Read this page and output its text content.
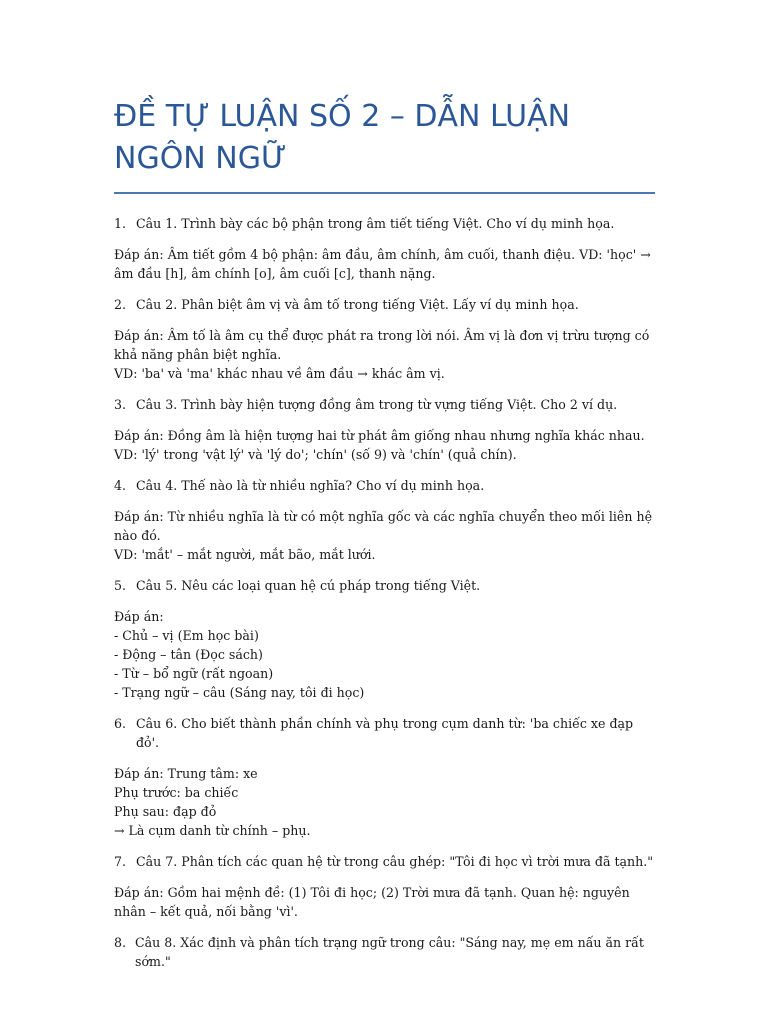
ĐỀ TỰ LUẬN SỐ 2 – DẪN LUẬN NGÔN NGỮ
1. Câu 1. Trình bày các bộ phận trong âm tiết tiếng Việt. Cho ví dụ minh họa.
Đáp án: Âm tiết gồm 4 bộ phận: âm đầu, âm chính, âm cuối, thanh điệu. VD: 'học' → âm đầu [h], âm chính [o], âm cuối [c], thanh nặng.
2. Câu 2. Phân biệt âm vị và âm tố trong tiếng Việt. Lấy ví dụ minh họa.
Đáp án: Âm tố là âm cụ thể được phát ra trong lời nói. Âm vị là đơn vị trừu tượng có khả năng phân biệt nghĩa.
VD: 'ba' và 'ma' khác nhau về âm đầu → khác âm vị.
3. Câu 3. Trình bày hiện tượng đồng âm trong từ vựng tiếng Việt. Cho 2 ví dụ.
Đáp án: Đồng âm là hiện tượng hai từ phát âm giống nhau nhưng nghĩa khác nhau.
VD: 'lý' trong 'vật lý' và 'lý do'; 'chín' (số 9) và 'chín' (quả chín).
4. Câu 4. Thế nào là từ nhiều nghĩa? Cho ví dụ minh họa.
Đáp án: Từ nhiều nghĩa là từ có một nghĩa gốc và các nghĩa chuyển theo mối liên hệ nào đó.
VD: 'mắt' – mắt người, mắt bão, mắt lưới.
5. Câu 5. Nêu các loại quan hệ cú pháp trong tiếng Việt.
Đáp án:
- Chủ – vị (Em học bài)
- Động – tân (Đọc sách)
- Từ – bổ ngữ (rất ngoan)
- Trạng ngữ – câu (Sáng nay, tôi đi học)
6. Câu 6. Cho biết thành phần chính và phụ trong cụm danh từ: 'ba chiếc xe đạp đỏ'.
Đáp án: Trung tâm: xe
Phụ trước: ba chiếc
Phụ sau: đạp đỏ
→ Là cụm danh từ chính – phụ.
7. Câu 7. Phân tích các quan hệ từ trong câu ghép: "Tôi đi học vì trời mưa đã tạnh."
Đáp án: Gồm hai mệnh đề: (1) Tôi đi học; (2) Trời mưa đã tạnh. Quan hệ: nguyên nhân – kết quả, nối bằng 'vì'.
8. Câu 8. Xác định và phân tích trạng ngữ trong câu: "Sáng nay, mẹ em nấu ăn rất sớm."
